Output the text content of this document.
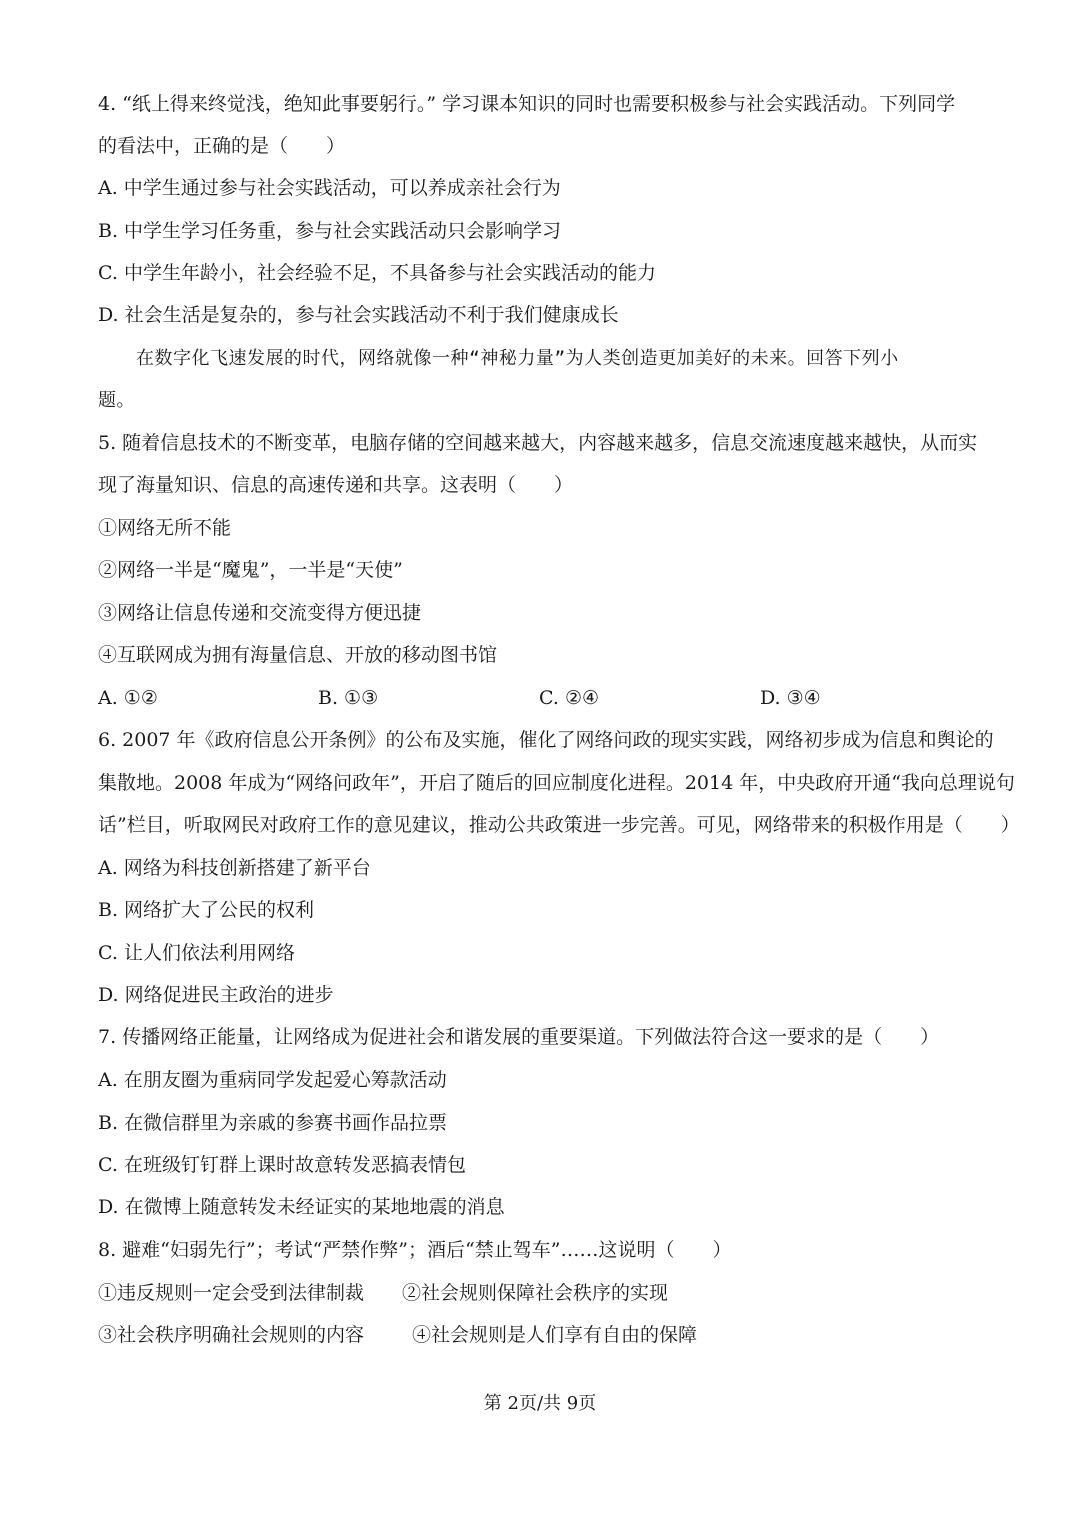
4. “纸上得来终觉浅，绝知此事要躬行。” 学习课本知识的同时也需要积极参与社会实践活动。下列同学
的看法中，正确的是（　　）
A. 中学生通过参与社会实践活动，可以养成亲社会行为
B. 中学生学习任务重，参与社会实践活动只会影响学习
C. 中学生年龄小，社会经验不足，不具备参与社会实践活动的能力
D. 社会生活是复杂的，参与社会实践活动不利于我们健康成长
在数字化飞速发展的时代，网络就像一种“神秘力量”为人类创造更加美好的未来。回答下列小
题。
5. 随着信息技术的不断变革，电脑存储的空间越来越大，内容越来越多，信息交流速度越来越快，从而实
现了海量知识、信息的高速传递和共享。这表明（　　）
①网络无所不能
②网络一半是“魔鬼”，一半是“天使”
③网络让信息传递和交流变得方便迅捷
④互联网成为拥有海量信息、开放的移动图书馆
A. ①②	B. ①③	C. ②④	D. ③④
6. 2007 年《政府信息公开条例》的公布及实施，催化了网络问政的现实实践，网络初步成为信息和舆论的
集散地。2008 年成为“网络问政年”，开启了随后的回应制度化进程。2014 年，中央政府开通“我向总理说句
话”栏目，听取网民对政府工作的意见建议，推动公共政策进一步完善。可见，网络带来的积极作用是（　　）
A. 网络为科技创新搭建了新平台
B. 网络扩大了公民的权利
C. 让人们依法利用网络
D. 网络促进民主政治的进步
7. 传播网络正能量，让网络成为促进社会和谐发展的重要渠道。下列做法符合这一要求的是（　　）
A. 在朋友圈为重病同学发起爱心筹款活动
B. 在微信群里为亲戚的参赛书画作品拉票
C. 在班级钉钉群上课时故意转发恶搞表情包
D. 在微博上随意转发未经证实的某地地震的消息
8. 避难“妇弱先行”；考试“严禁作弊”；酒后“禁止驾车”……这说明（　　）
①违反规则一定会受到法律制裁 ②社会规则保障社会秩序的实现
③社会秩序明确社会规则的内容	④社会规则是人们享有自由的保障
第 2页/共 9页
